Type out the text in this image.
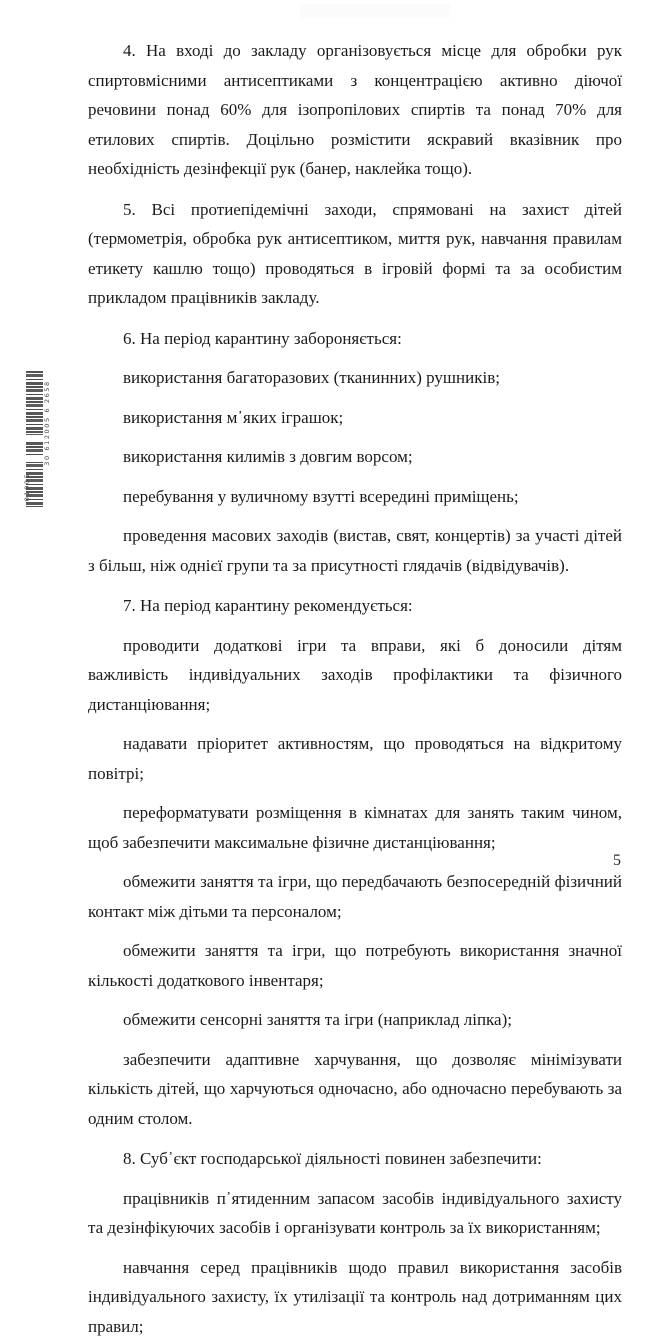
30 612005 6 2658
01005

4. На вході до закладу організовується місце для обробки рук спиртовмісними антисептиками з концентрацією активно діючої речовини понад 60% для ізопропілових спиртів та понад 70% для етилових спиртів. Доцільно розмістити яскравий вказівник про необхідність дезінфекції рук (банер, наклейка тощо).

5. Всі протиепідемічні заходи, спрямовані на захист дітей (термометрія, обробка рук антисептиком, миття рук, навчання правилам етикету кашлю тощо) проводяться в ігровій формі та за особистим прикладом працівників закладу.

6. На період карантину забороняється:

використання багаторазових (тканинних) рушників;

використання м᾽яких іграшок;

використання килимів з довгим ворсом;

перебування у вуличному взутті всередині приміщень;

проведення масових заходів (вистав, свят, концертів) за участі дітей з більш, ніж однієї групи та за присутності глядачів (відвідувачів).

7. На період карантину рекомендується:

проводити додаткові ігри та вправи, які б доносили дітям важливість індивідуальних заходів профілактики та фізичного дистанціювання;

надавати пріоритет активностям, що проводяться на відкритому повітрі;

переформатувати розміщення в кімнатах для занять таким чином, щоб забезпечити максимальне фізичне дистанціювання;

обмежити заняття та ігри, що передбачають безпосередній фізичний контакт між дітьми та персоналом;

обмежити заняття та ігри, що потребують використання значної кількості додаткового інвентаря;

обмежити сенсорні заняття та ігри (наприклад ліпка);

забезпечити адаптивне харчування, що дозволяє мінімізувати кількість дітей, що харчуються одночасно, або одночасно перебувають за одним столом.

8. Суб᾽єкт господарської діяльності повинен забезпечити:

працівників п᾽ятиденним запасом засобів індивідуального захисту та дезінфікуючих засобів і організувати контроль за їх використанням;

навчання серед працівників щодо правил використання засобів індивідуального захисту, їх утилізації та контроль над дотриманням цих правил;

5
